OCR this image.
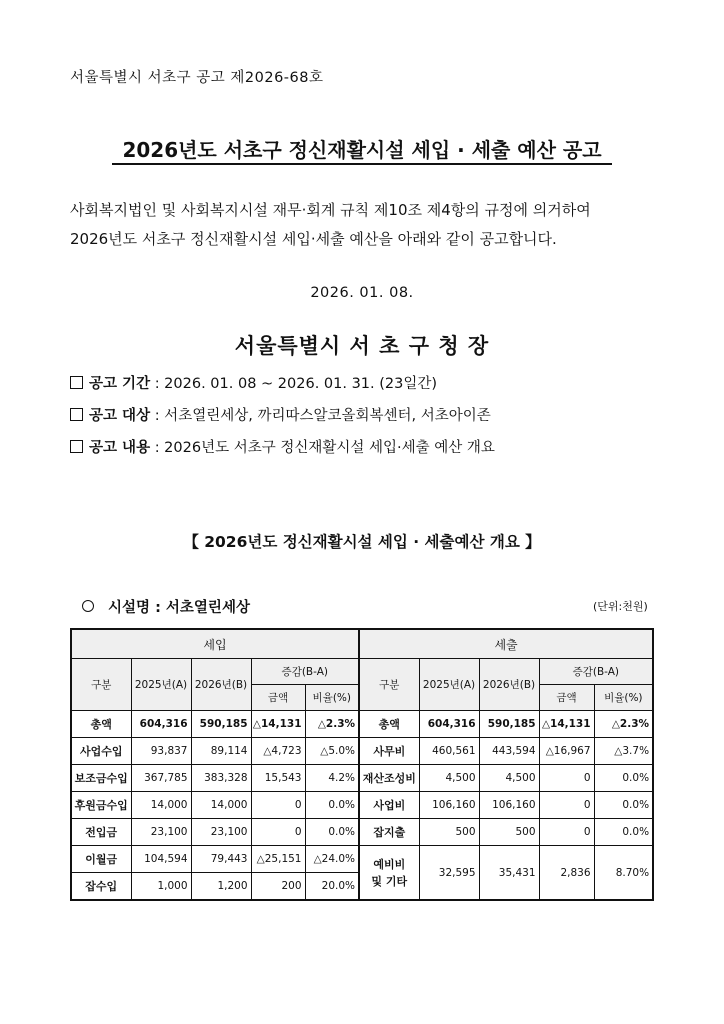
서울특별시 서초구 공고 제2026-68호
2026년도 서초구 정신재활시설 세입 · 세출 예산 공고
사회복지법인 및 사회복지시설 재무·회계 규칙 제10조 제4항의 규정에 의거하여
2026년도 서초구 정신재활시설 세입·세출 예산을 아래와 같이 공고합니다.
2026. 01. 08.
서울특별시 서 초 구 청 장
공고 기간 : 2026. 01. 08 ~ 2026. 01. 31. (23일간)
공고 대상 : 서초열린세상, 까리따스알코올회복센터, 서초아이존
공고 내용 : 2026년도 서초구 정신재활시설 세입·세출 예산 개요
【 2026년도 정신재활시설 세입 · 세출예산 개요 】
시설명 : 서초열린세상	(단위:천원)
세입					세출				
구분	2025년(A)	2026년(B)	증감(B-A)		구분	2025년(A)	2026년(B)	증감(B-A)	
			금액	비율(%)				금액	비율(%)
총액	604,316	590,185	△14,131	△2.3%	총액	604,316	590,185	△14,131	△2.3%
사업수입	93,837	89,114	△4,723	△5.0%	사무비	460,561	443,594	△16,967	△3.7%
보조금수입	367,785	383,328	15,543	4.2%	재산조성비	4,500	4,500	0	0.0%
후원금수입	14,000	14,000	0	0.0%	사업비	106,160	106,160	0	0.0%
전입금	23,100	23,100	0	0.0%	잡지출	500	500	0	0.0%
이월금	104,594	79,443	△25,151	△24.0%	예비비 및 기타	32,595	35,431	2,836	8.70%
잡수입	1,000	1,200	200	20.0%					
